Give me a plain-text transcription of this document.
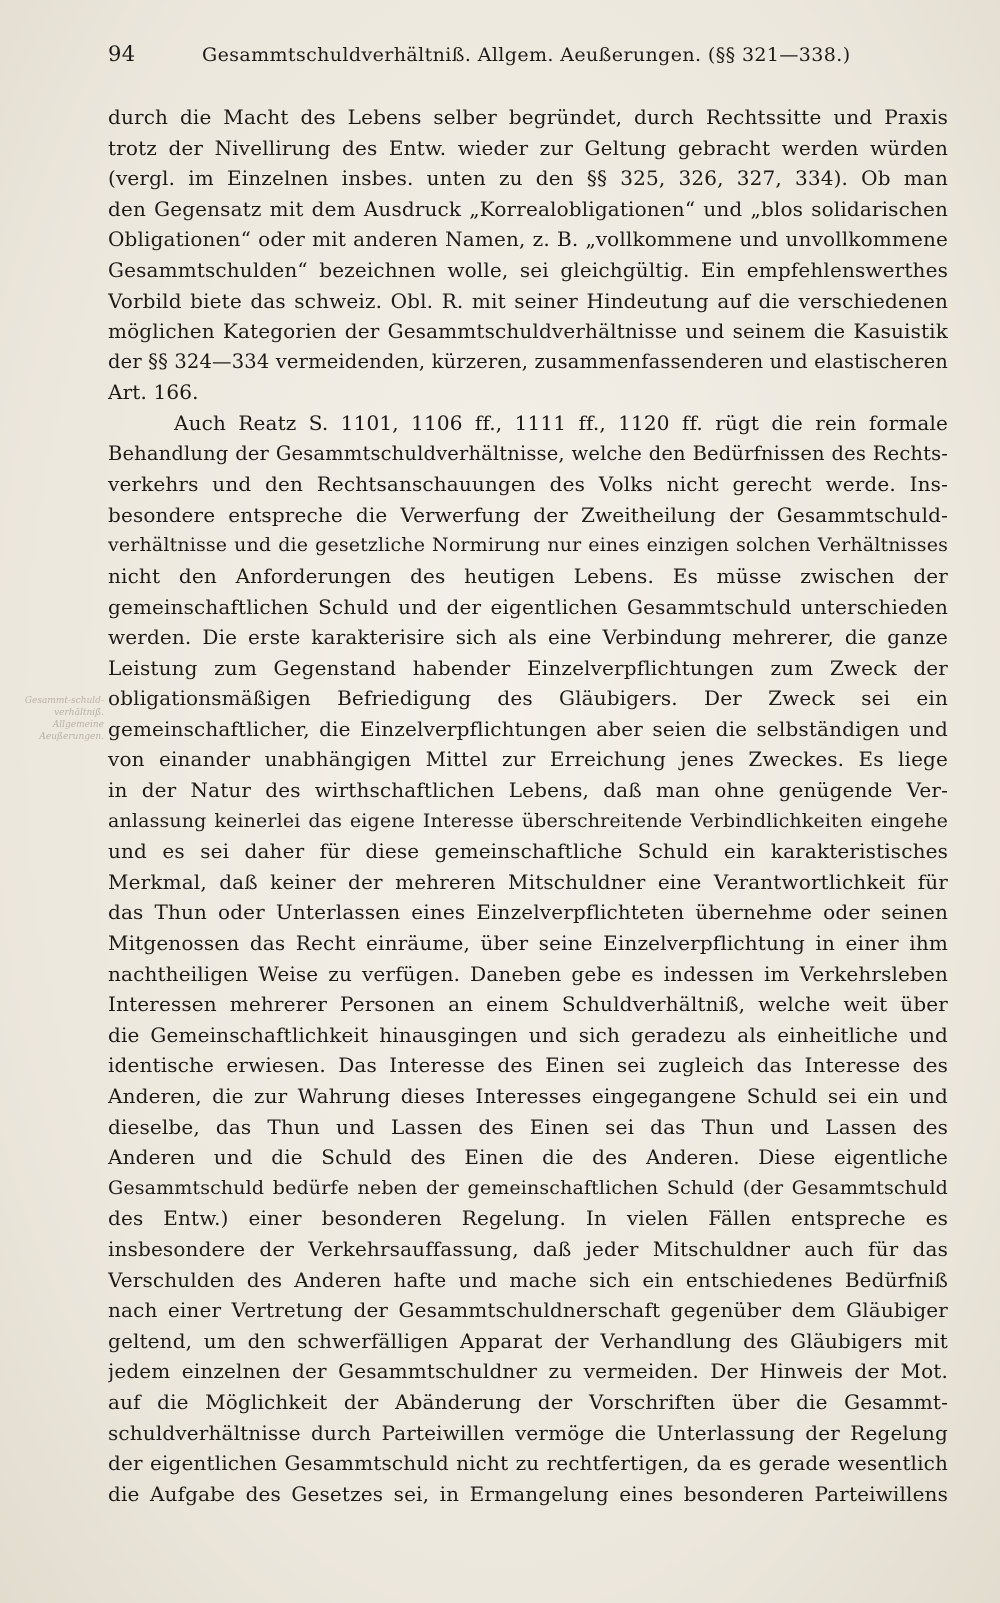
94	Gesammtschuldverhältniß. Allgem. Aeußerungen. (§§ 321—338.)
Gesammt-schuld-verhältniß. Allgemeine Aeußerungen.
durch die Macht des Lebens selber begründet, durch Rechtssitte und Praxis
trotz der Nivellirung des Entw. wieder zur Geltung gebracht werden würden
(vergl. im Einzelnen insbes. unten zu den §§ 325, 326, 327, 334). Ob man
den Gegensatz mit dem Ausdruck „Korrealobligationen“ und „blos solidarischen
Obligationen“ oder mit anderen Namen, z. B. „vollkommene und unvollkommene
Gesammtschulden“ bezeichnen wolle, sei gleichgültig. Ein empfehlenswerthes
Vorbild biete das schweiz. Obl. R. mit seiner Hindeutung auf die verschiedenen
möglichen Kategorien der Gesammtschuldverhältnisse und seinem die Kasuistik
der §§ 324—334 vermeidenden, kürzeren, zusammenfassenderen und elastischeren
Art. 166.
Auch Reatz S. 1101, 1106 ff., 1111 ff., 1120 ff. rügt die rein formale
Behandlung der Gesammtschuldverhältnisse, welche den Bedürfnissen des Rechts-
verkehrs und den Rechtsanschauungen des Volks nicht gerecht werde. Ins-
besondere entspreche die Verwerfung der Zweitheilung der Gesammtschuld-
verhältnisse und die gesetzliche Normirung nur eines einzigen solchen Verhältnisses
nicht den Anforderungen des heutigen Lebens. Es müsse zwischen der
gemeinschaftlichen Schuld und der eigentlichen Gesammtschuld unterschieden
werden. Die erste karakterisire sich als eine Verbindung mehrerer, die ganze
Leistung zum Gegenstand habender Einzelverpflichtungen zum Zweck der
obligationsmäßigen Befriedigung des Gläubigers. Der Zweck sei ein
gemeinschaftlicher, die Einzelverpflichtungen aber seien die selbständigen und
von einander unabhängigen Mittel zur Erreichung jenes Zweckes. Es liege
in der Natur des wirthschaftlichen Lebens, daß man ohne genügende Ver-
anlassung keinerlei das eigene Interesse überschreitende Verbindlichkeiten eingehe
und es sei daher für diese gemeinschaftliche Schuld ein karakteristisches
Merkmal, daß keiner der mehreren Mitschuldner eine Verantwortlichkeit für
das Thun oder Unterlassen eines Einzelverpflichteten übernehme oder seinen
Mitgenossen das Recht einräume, über seine Einzelverpflichtung in einer ihm
nachtheiligen Weise zu verfügen. Daneben gebe es indessen im Verkehrsleben
Interessen mehrerer Personen an einem Schuldverhältniß, welche weit über
die Gemeinschaftlichkeit hinausgingen und sich geradezu als einheitliche und
identische erwiesen. Das Interesse des Einen sei zugleich das Interesse des
Anderen, die zur Wahrung dieses Interesses eingegangene Schuld sei ein und
dieselbe, das Thun und Lassen des Einen sei das Thun und Lassen des
Anderen und die Schuld des Einen die des Anderen. Diese eigentliche
Gesammtschuld bedürfe neben der gemeinschaftlichen Schuld (der Gesammtschuld
des Entw.) einer besonderen Regelung. In vielen Fällen entspreche es
insbesondere der Verkehrsauffassung, daß jeder Mitschuldner auch für das
Verschulden des Anderen hafte und mache sich ein entschiedenes Bedürfniß
nach einer Vertretung der Gesammtschuldnerschaft gegenüber dem Gläubiger
geltend, um den schwerfälligen Apparat der Verhandlung des Gläubigers mit
jedem einzelnen der Gesammtschuldner zu vermeiden. Der Hinweis der Mot.
auf die Möglichkeit der Abänderung der Vorschriften über die Gesammt-
schuldverhältnisse durch Parteiwillen vermöge die Unterlassung der Regelung
der eigentlichen Gesammtschuld nicht zu rechtfertigen, da es gerade wesentlich
die Aufgabe des Gesetzes sei, in Ermangelung eines besonderen Parteiwillens
